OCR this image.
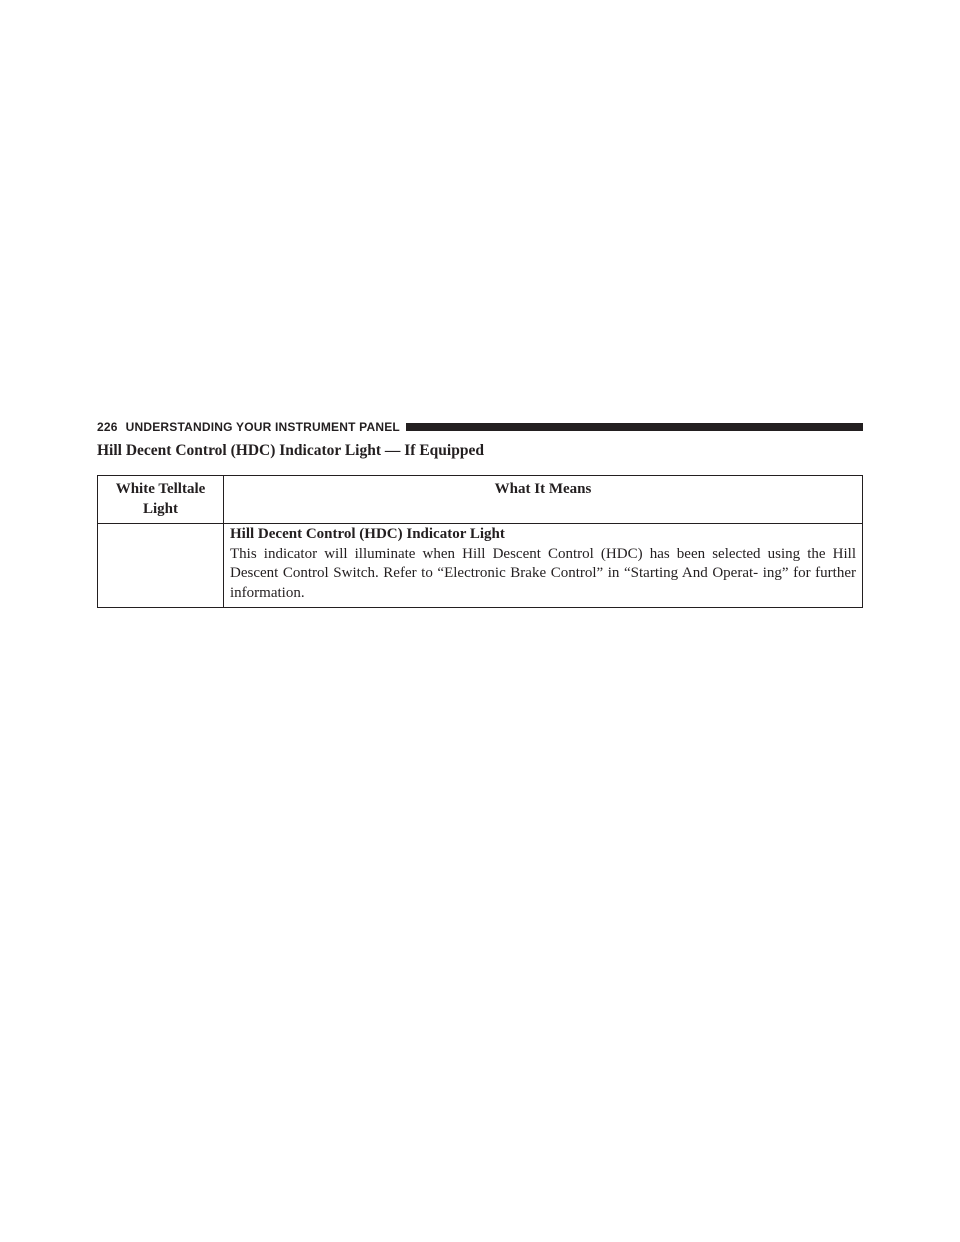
226 UNDERSTANDING YOUR INSTRUMENT PANEL
Hill Decent Control (HDC) Indicator Light — If Equipped
White Telltale
Light	What It Means

	Hill Decent Control (HDC) Indicator Light
This indicator will illuminate when Hill Descent Control (HDC) has been selected using the Hill Descent Control Switch. Refer to “Electronic Brake Control” in “Starting And Operat- ing” for further information.
